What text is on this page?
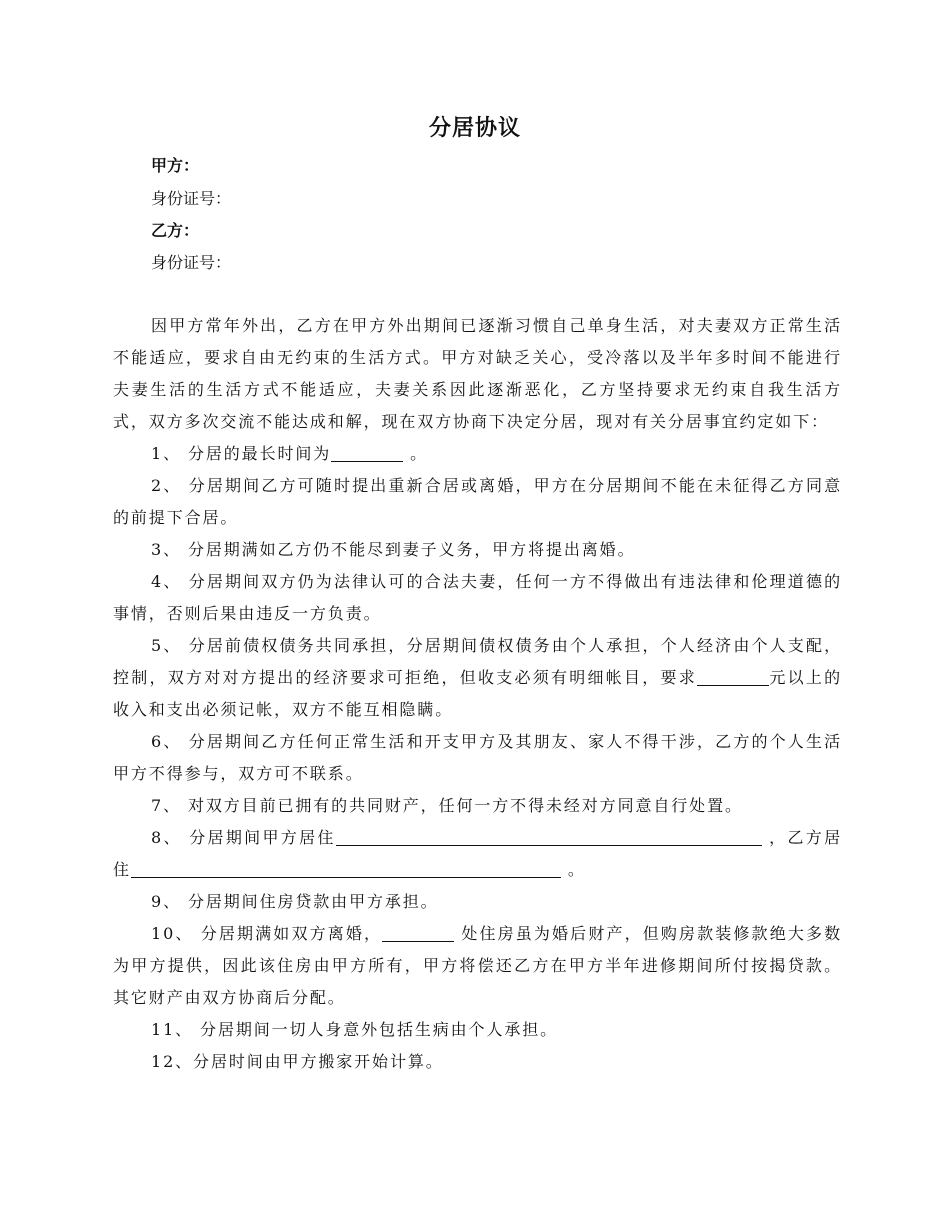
分居协议
甲方：
身份证号：
乙方：
身份证号：

因甲方常年外出，乙方在甲方外出期间已逐渐习惯自己单身生活，对夫妻双方正常生活不能适应，要求自由无约束的生活方式。甲方对缺乏关心，受冷落以及半年多时间不能进行夫妻生活的生活方式不能适应，夫妻关系因此逐渐恶化，乙方坚持要求无约束自我生活方式，双方多次交流不能达成和解，现在双方协商下决定分居，现对有关分居事宜约定如下：

1、 分居的最长时间为	。

2、 分居期间乙方可随时提出重新合居或离婚，甲方在分居期间不能在未征得乙方同意的前提下合居。

3、 分居期满如乙方仍不能尽到妻子义务，甲方将提出离婚。

4、 分居期间双方仍为法律认可的合法夫妻，任何一方不得做出有违法律和伦理道德的事情，否则后果由违反一方负责。

5、 分居前债权债务共同承担，分居期间债权债务由个人承担，个人经济由个人支配，控制，双方对对方提出的经济要求可拒绝，但收支必须有明细帐目，要求	元以上的收入和支出必须记帐，双方不能互相隐瞒。

6、 分居期间乙方任何正常生活和开支甲方及其朋友、家人不得干涉，乙方的个人生活甲方不得参与，双方可不联系。

7、 对双方目前已拥有的共同财产，任何一方不得未经对方同意自行处置。

8、 分居期间甲方居住	，乙方居住	。

9、 分居期间住房贷款由甲方承担。

10、 分居期满如双方离婚，	处住房虽为婚后财产，但购房款装修款绝大多数为甲方提供，因此该住房由甲方所有，甲方将偿还乙方在甲方半年进修期间所付按揭贷款。其它财产由双方协商后分配。

11、 分居期间一切人身意外包括生病由个人承担。

12、分居时间由甲方搬家开始计算。
